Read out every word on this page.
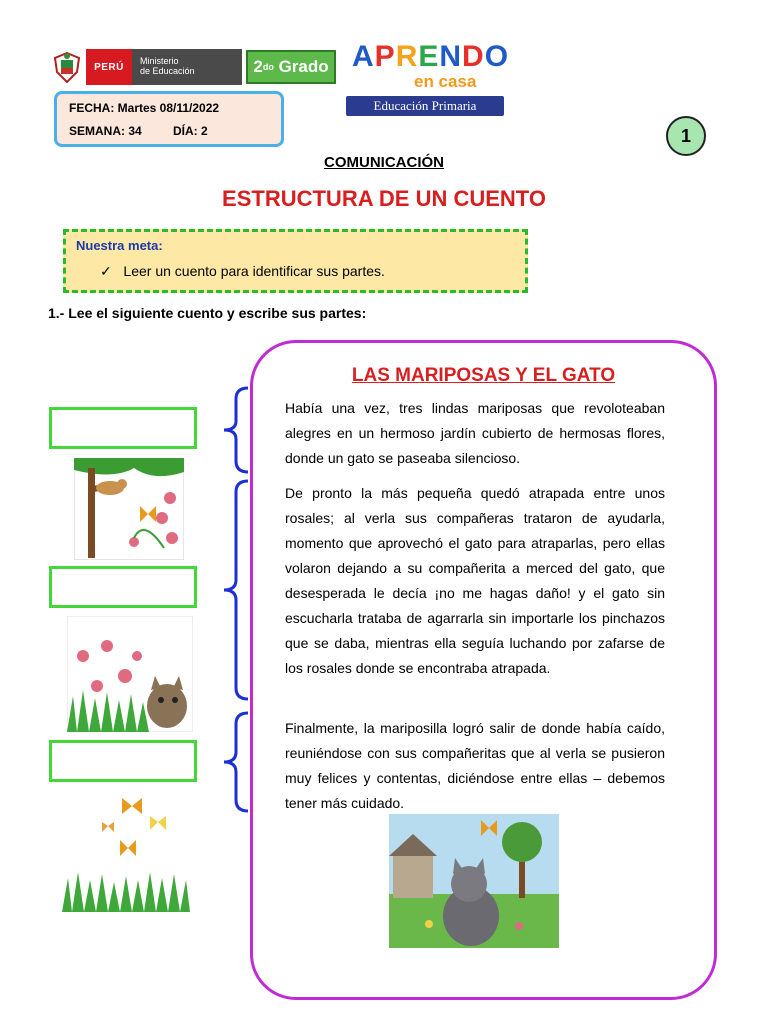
PERÚ
Ministerio
de Educación	2 do
Grado APRENDO
en casa
Educación Primaria
FECHA: Martes 08/11/2022
SEMANA: 34	DÍA: 2	1
COMUNICACIÓN
ESTRUCTURA DE UN CUENTO
Nuestra meta:
✓ Leer un cuento para identificar sus partes.
1.- Lee el siguiente cuento y escribe sus partes:
LAS MARIPOSAS Y EL GATO
Había una vez, tres lindas mariposas que revoloteaban alegres en un hermoso jardín cubierto de hermosas flores, donde un gato se paseaba silencioso.
De pronto la más pequeña quedó atrapada entre unos rosales; al verla sus compañeras trataron de ayudarla, momento que aprovechó el gato para atraparlas, pero ellas volaron dejando a su compañerita a merced del gato, que desesperada le decía ¡no me hagas daño! y el gato sin escucharla trataba de agarrarla sin importarle los pinchazos que se daba, mientras ella seguía luchando por zafarse de los rosales donde se encontraba atrapada.
Finalmente, la mariposilla logró salir de donde había caído, reuniéndose con sus compañeritas que al verla se pusieron muy felices y contentas, diciéndose entre ellas – debemos tener más cuidado.
